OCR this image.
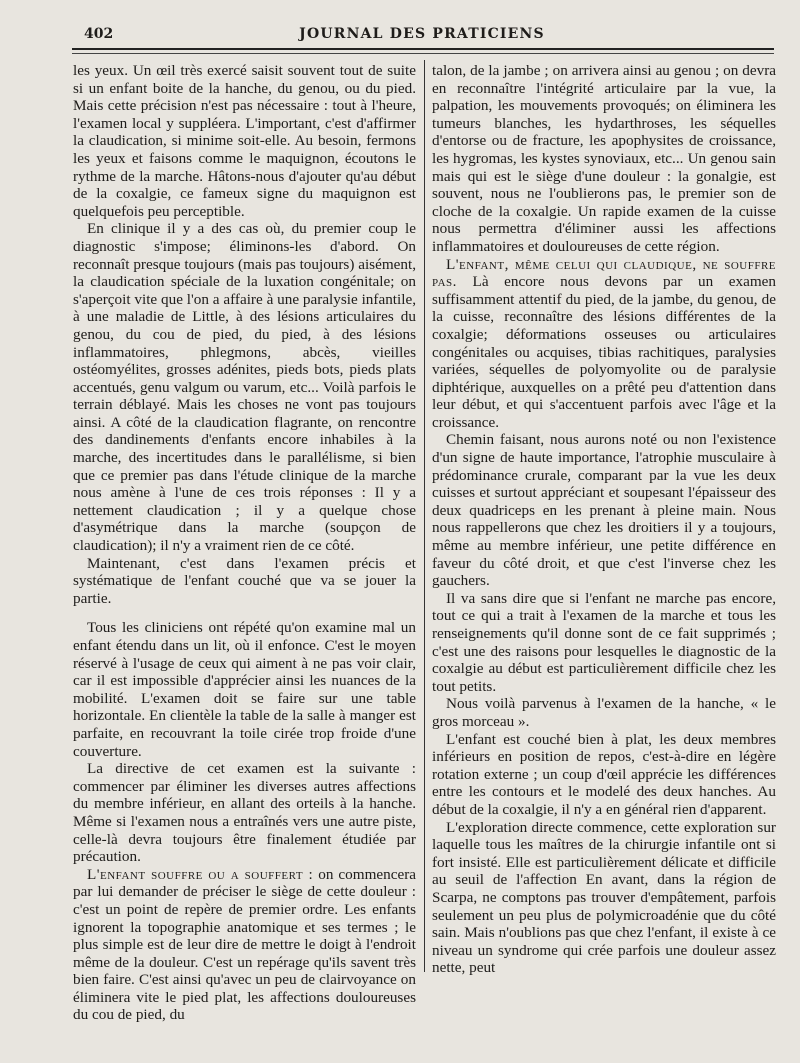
402	JOURNAL DES PRATICIENS

les yeux. Un œil très exercé saisit souvent tout de suite si un enfant boite de la hanche, du genou, ou du pied. Mais cette précision n'est pas nécessaire : tout à l'heure, l'examen local y suppléera. L'important, c'est d'affirmer la claudication, si minime soit-elle. Au besoin, fermons les yeux et faisons comme le maquignon, écoutons le rythme de la marche. Hâtons-nous d'ajouter qu'au début de la coxalgie, ce fameux signe du maquignon est quelquefois peu perceptible.

En clinique il y a des cas où, du premier coup le diagnostic s'impose; éliminons-les d'abord. On reconnaît presque toujours (mais pas toujours) aisément, la claudication spéciale de la luxation congénitale; on s'aperçoit vite que l'on a affaire à une paralysie infantile, à une maladie de Little, à des lésions articulaires du genou, du cou de pied, du pied, à des lésions inflammatoires, phlegmons, abcès, vieilles ostéomyélites, grosses adénites, pieds bots, pieds plats accentués, genu valgum ou varum, etc... Voilà parfois le terrain déblayé. Mais les choses ne vont pas toujours ainsi. A côté de la claudication flagrante, on rencontre des dandinements d'enfants encore inhabiles à la marche, des incertitudes dans le parallélisme, si bien que ce premier pas dans l'étude clinique de la marche nous amène à l'une de ces trois réponses : Il y a nettement claudication ; il y a quelque chose d'asymétrique dans la marche (soupçon de claudication); il n'y a vraiment rien de ce côté.

Maintenant, c'est dans l'examen précis et systématique de l'enfant couché que va se jouer la partie.

Tous les cliniciens ont répété qu'on examine mal un enfant étendu dans un lit, où il enfonce. C'est le moyen réservé à l'usage de ceux qui aiment à ne pas voir clair, car il est impossible d'apprécier ainsi les nuances de la mobilité. L'examen doit se faire sur une table horizontale. En clientèle la table de la salle à manger est parfaite, en recouvrant la toile cirée trop froide d'une couverture.

La directive de cet examen est la suivante : commencer par éliminer les diverses autres affections du membre inférieur, en allant des orteils à la hanche. Même si l'examen nous a entraînés vers une autre piste, celle-là devra toujours être finalement étudiée par précaution.

L'enfant souffre ou a souffert : on commencera par lui demander de préciser le siège de cette douleur : c'est un point de repère de premier ordre. Les enfants ignorent la topographie anatomique et ses termes ; le plus simple est de leur dire de mettre le doigt à l'endroit même de la douleur. C'est un repérage qu'ils savent très bien faire. C'est ainsi qu'avec un peu de clairvoyance on éliminera vite le pied plat, les affections douloureuses du cou de pied, du

talon, de la jambe ; on arrivera ainsi au genou ; on devra en reconnaître l'intégrité articulaire par la vue, la palpation, les mouvements provoqués; on éliminera les tumeurs blanches, les hydarthroses, les séquelles d'entorse ou de fracture, les apophysites de croissance, les hygromas, les kystes synoviaux, etc... Un genou sain mais qui est le siège d'une douleur : la gonalgie, est souvent, nous ne l'oublierons pas, le premier son de cloche de la coxalgie. Un rapide examen de la cuisse nous permettra d'éliminer aussi les affections inflammatoires et douloureuses de cette région.

L'enfant, même celui qui claudique, ne souffre pas. Là encore nous devons par un examen suffisamment attentif du pied, de la jambe, du genou, de la cuisse, reconnaître des lésions différentes de la coxalgie; déformations osseuses ou articulaires congénitales ou acquises, tibias rachitiques, paralysies variées, séquelles de polyomyolite ou de paralysie diphtérique, auxquelles on a prêté peu d'attention dans leur début, et qui s'accentuent parfois avec l'âge et la croissance.

Chemin faisant, nous aurons noté ou non l'existence d'un signe de haute importance, l'atrophie musculaire à prédominance crurale, comparant par la vue les deux cuisses et surtout appréciant et soupesant l'épaisseur des deux quadriceps en les prenant à pleine main. Nous nous rappellerons que chez les droitiers il y a toujours, même au membre inférieur, une petite différence en faveur du côté droit, et que c'est l'inverse chez les gauchers.

Il va sans dire que si l'enfant ne marche pas encore, tout ce qui a trait à l'examen de la marche et tous les renseignements qu'il donne sont de ce fait supprimés ; c'est une des raisons pour lesquelles le diagnostic de la coxalgie au début est particulièrement difficile chez les tout petits.

Nous voilà parvenus à l'examen de la hanche, « le gros morceau ».

L'enfant est couché bien à plat, les deux membres inférieurs en position de repos, c'est-à-dire en légère rotation externe ; un coup d'œil apprécie les différences entre les contours et le modelé des deux hanches. Au début de la coxalgie, il n'y a en général rien d'apparent.

L'exploration directe commence, cette exploration sur laquelle tous les maîtres de la chirurgie infantile ont si fort insisté. Elle est particulièrement délicate et difficile au seuil de l'affection En avant, dans la région de Scarpa, ne comptons pas trouver d'empâtement, parfois seulement un peu plus de polymicroadénie que du côté sain. Mais n'oublions pas que chez l'enfant, il existe à ce niveau un syndrome qui crée parfois une douleur assez nette, peut
